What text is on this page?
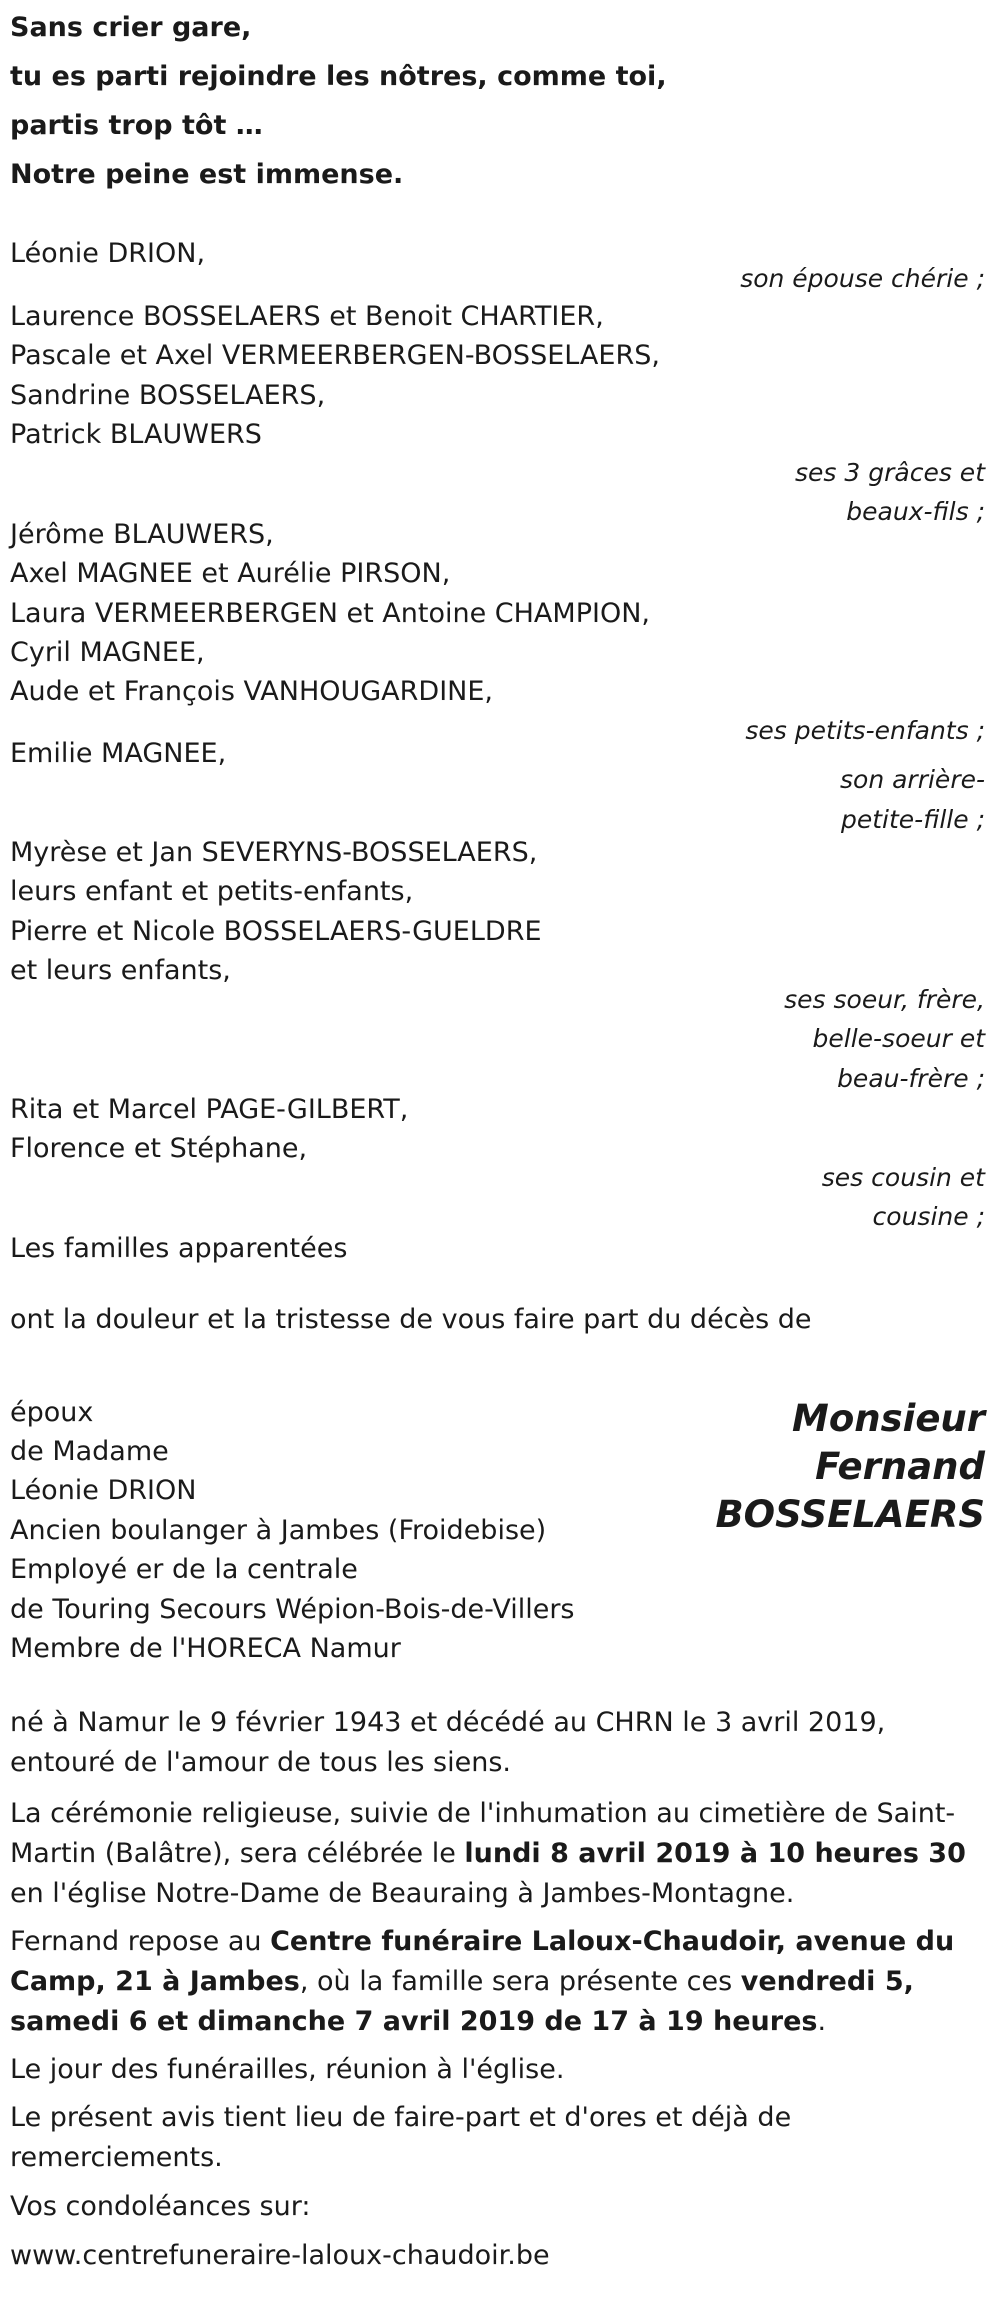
Sans crier gare,
tu es parti rejoindre les nôtres, comme toi,
partis trop tôt …
Notre peine est immense.
Léonie DRION,
son épouse chérie ;
Laurence BOSSELAERS et Benoit CHARTIER,
Pascale et Axel VERMEERBERGEN-BOSSELAERS,
Sandrine BOSSELAERS,
Patrick BLAUWERS
ses 3 grâces et
beaux-fils ;
Jérôme BLAUWERS,
Axel MAGNEE et Aurélie PIRSON,
Laura VERMEERBERGEN et Antoine CHAMPION,
Cyril MAGNEE,
Aude et François VANHOUGARDINE,
ses petits-enfants ;
Emilie MAGNEE,
son arrière-
petite-fille ;
Myrèse et Jan SEVERYNS-BOSSELAERS,
leurs enfant et petits-enfants,
Pierre et Nicole BOSSELAERS-GUELDRE
et leurs enfants,
ses soeur, frère,
belle-soeur et
beau-frère ;
Rita et Marcel PAGE-GILBERT,
Florence et Stéphane,
ses cousin et
cousine ;
Les familles apparentées
ont la douleur et la tristesse de vous faire part du décès de
Monsieur
Fernand
BOSSELAERS
époux
de Madame
Léonie DRION
Ancien boulanger à Jambes (Froidebise)
Employé er de la centrale
de Touring Secours Wépion-Bois-de-Villers
Membre de l'HORECA Namur
né à Namur le 9 février 1943 et décédé au CHRN le 3 avril 2019, entouré de l'amour de tous les siens.
La cérémonie religieuse, suivie de l'inhumation au cimetière de Saint-Martin (Balâtre), sera célébrée le lundi 8 avril 2019 à 10 heures 30 en l'église Notre-Dame de Beauraing à Jambes-Montagne.
Fernand repose au Centre funéraire Laloux-Chaudoir, avenue du Camp, 21 à Jambes, où la famille sera présente ces vendredi 5, samedi 6 et dimanche 7 avril 2019 de 17 à 19 heures.
Le jour des funérailles, réunion à l'église.
Le présent avis tient lieu de faire-part et d'ores et déjà de remerciements.
Vos condoléances sur:
www.centrefuneraire-laloux-chaudoir.be
